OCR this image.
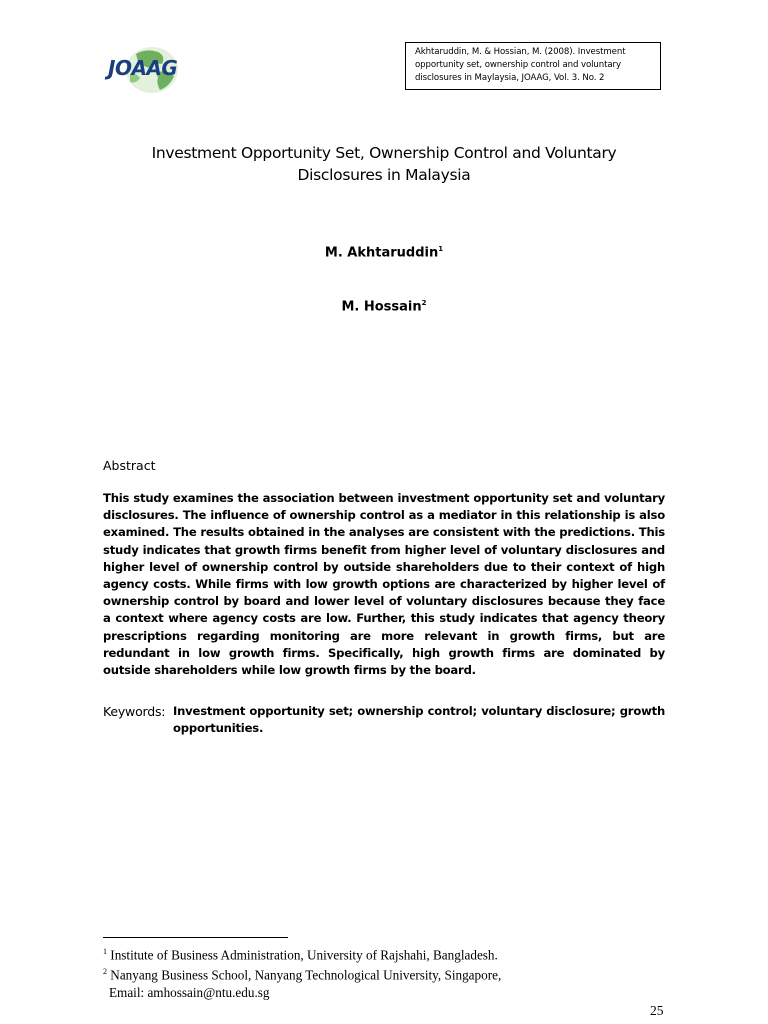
JOAAG
Akhtaruddin, M. & Hossian, M. (2008). Investment opportunity set, ownership control and voluntary disclosures in Maylaysia, JOAAG, Vol. 3. No. 2
Investment Opportunity Set, Ownership Control and Voluntary
Disclosures in Malaysia
M. Akhtaruddin$^1$
M. Hossain$^2$
Abstract
This study examines the association between investment opportunity set and voluntary disclosures. The influence of ownership control as a mediator in this relationship is also examined. The results obtained in the analyses are consistent with the predictions. This study indicates that growth firms benefit from higher level of voluntary disclosures and higher level of ownership control by outside shareholders due to their context of high agency costs. While firms with low growth options are characterized by higher level of ownership control by board and lower level of voluntary disclosures because they face a context where agency costs are low. Further, this study indicates that agency theory prescriptions regarding monitoring are more relevant in growth firms, but are redundant in low growth firms. Specifically, high growth firms are dominated by outside shareholders while low growth firms by the board.
Keywords: Investment opportunity set; ownership control; voluntary disclosure; growth opportunities.
$^1$ Institute of Business Administration, University of Rajshahi, Bangladesh.
$^2$ Nanyang Business School, Nanyang Technological University, Singapore,
Email: amhossain@ntu.edu.sg
25
